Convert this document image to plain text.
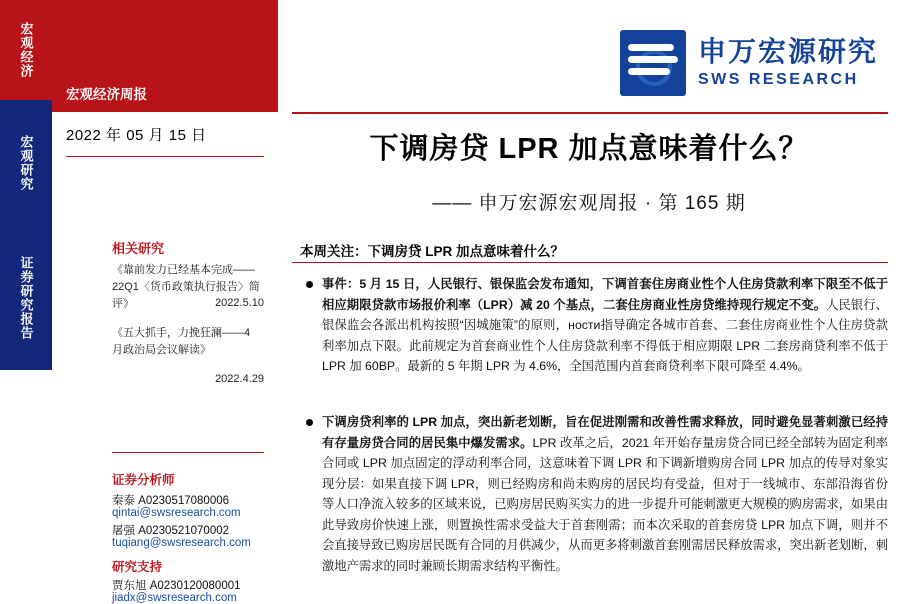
宏观经济
宏观研究
证券研究报告
宏观经济周报
2022 年 05 月 15 日
相关研究
《靠前发力已经基本完成——22Q1〈货币政策执行报告〉简评》	2022.5.10
《五大抓手，力挽狂澜——4 月政治局会议解读》
2022.4.29
证券分析师
秦泰 A0230517080006
qintai@swsresearch.com
屠强 A0230521070002
tuqiang@swsresearch.com
研究支持
贾东旭 A0230120080001
jiadx@swsresearch.com
申万宏源研究
SWS RESEARCH
下调房贷 LPR 加点意味着什么？
—— 申万宏源宏观周报 · 第 165 期
本周关注：下调房贷 LPR 加点意味着什么？
事件：5 月 15 日，人民银行、银保监会发布通知，下调首套住房商业性个人住房贷款利率下限至不低于相应期限贷款市场报价利率（LPR）减 20 个基点，二套住房商业性房贷维持现行规定不变。人民银行、银保监会各派出机构按照“因城施策”的原则，ности指导确定各城市首套、二套住房商业性个人住房贷款利率加点下限。此前规定为首套商业性个人住房贷款利率不得低于相应期限 LPR 二套房商贷利率不低于 LPR 加 60BP。最新的 5 年期 LPR 为 4.6%，全国范围内首套商贷利率下限可降至 4.4%。
下调房贷利率的 LPR 加点，突出新老划断，旨在促进刚需和改善性需求释放，同时避免显著刺激已经持有存量房贷合同的居民集中爆发需求。LPR 改革之后，2021 年开始存量房贷合同已经全部转为固定利率合同或 LPR 加点固定的浮动利率合同，这意味着下调 LPR 和下调新增购房合同 LPR 加点的传导对象实现分层：如果直接下调 LPR，则已经购房和尚未购房的居民均有受益，但对于一线城市、东部沿海省份等人口净流入较多的区域来说，已购房居民购买实力的进一步提升可能刺激更大规模的购房需求，如果由此导致房价快速上涨，则置换性需求受益大于首套刚需；而本次采取的首套房贷 LPR 加点下调，则并不会直接导致已购房居民既有合同的月供减少，从而更多将刺激首套刚需居民释放需求，突出新老划断，刺激地产需求的同时兼顾长期需求结构平衡性。
